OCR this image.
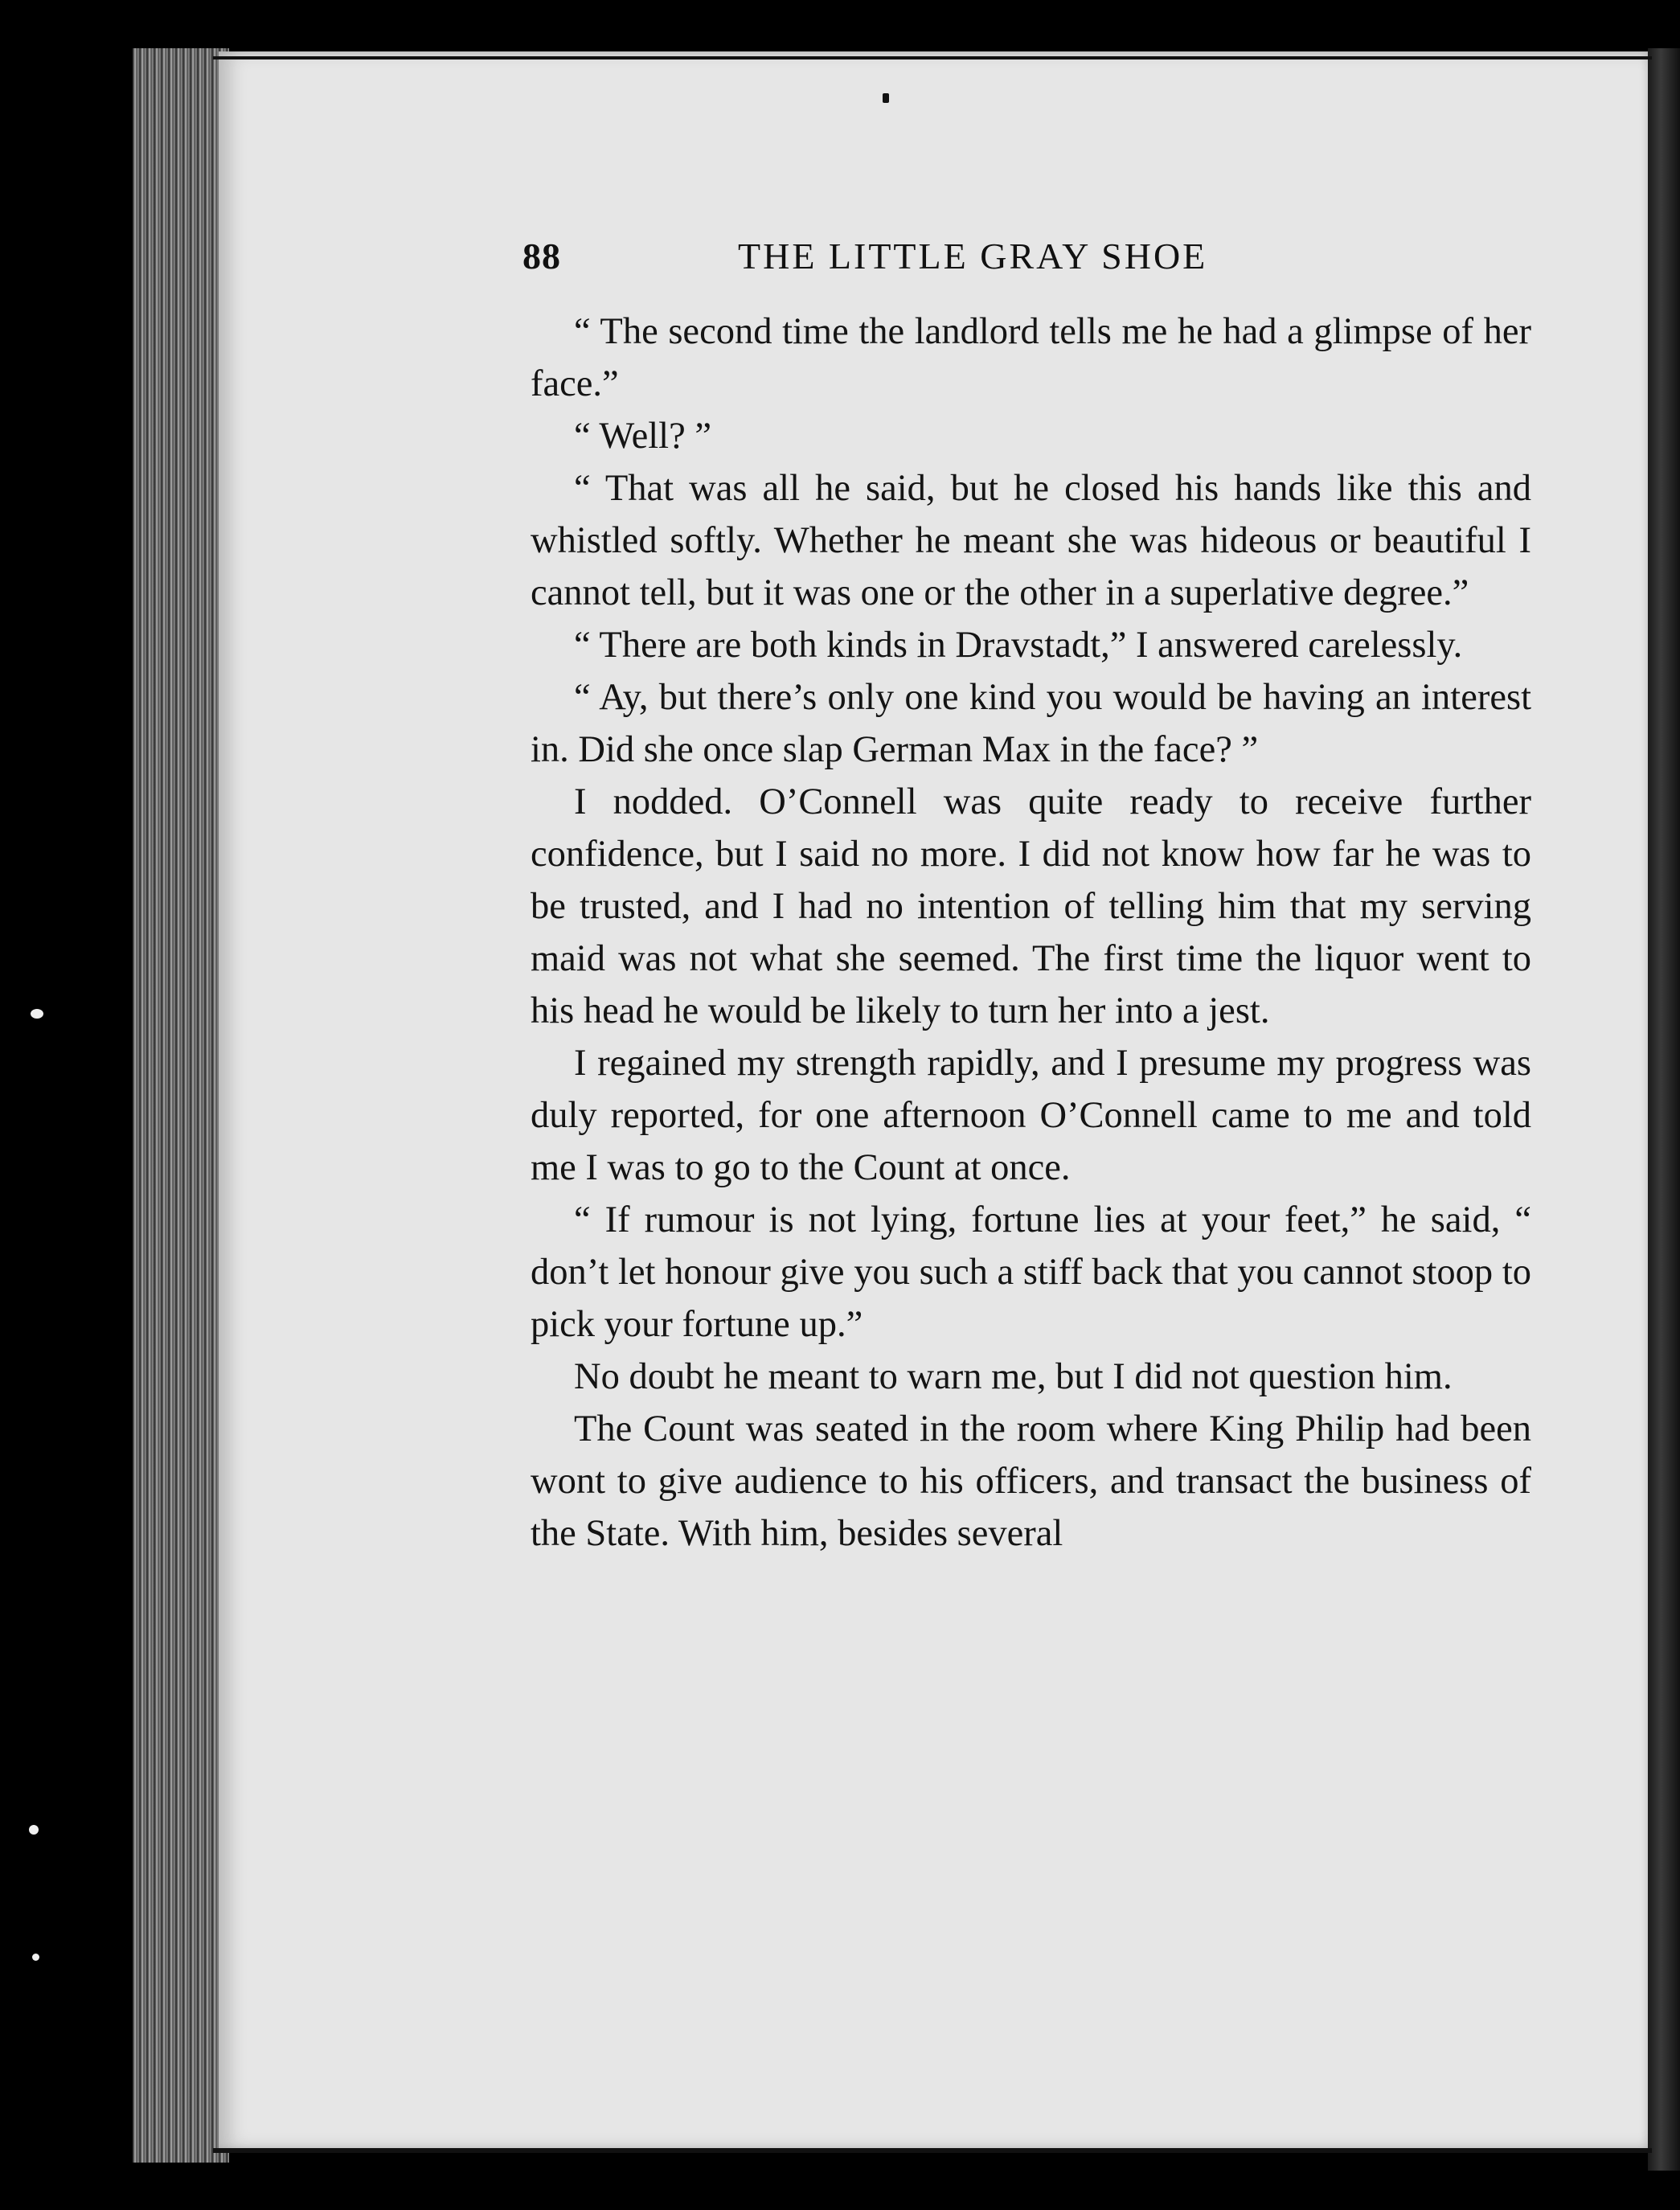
88	THE LITTLE GRAY SHOE

“ The second time the landlord tells me he had a glimpse of her face.”

“ Well? ”

“ That was all he said, but he closed his hands like this and whistled softly. Whether he meant she was hideous or beautiful I cannot tell, but it was one or the other in a superlative degree.”

“ There are both kinds in Dravstadt,” I answered carelessly.

“ Ay, but there’s only one kind you would be having an interest in. Did she once slap German Max in the face? ”

I nodded. O’Connell was quite ready to receive further confidence, but I said no more. I did not know how far he was to be trusted, and I had no intention of telling him that my serving maid was not what she seemed. The first time the liquor went to his head he would be likely to turn her into a jest.

I regained my strength rapidly, and I presume my progress was duly reported, for one afternoon O’Connell came to me and told me I was to go to the Count at once.

“ If rumour is not lying, fortune lies at your feet,” he said, “ don’t let honour give you such a stiff back that you cannot stoop to pick your fortune up.”

No doubt he meant to warn me, but I did not question him.

The Count was seated in the room where King Philip had been wont to give audience to his officers, and transact the business of the State. With him, besides several
